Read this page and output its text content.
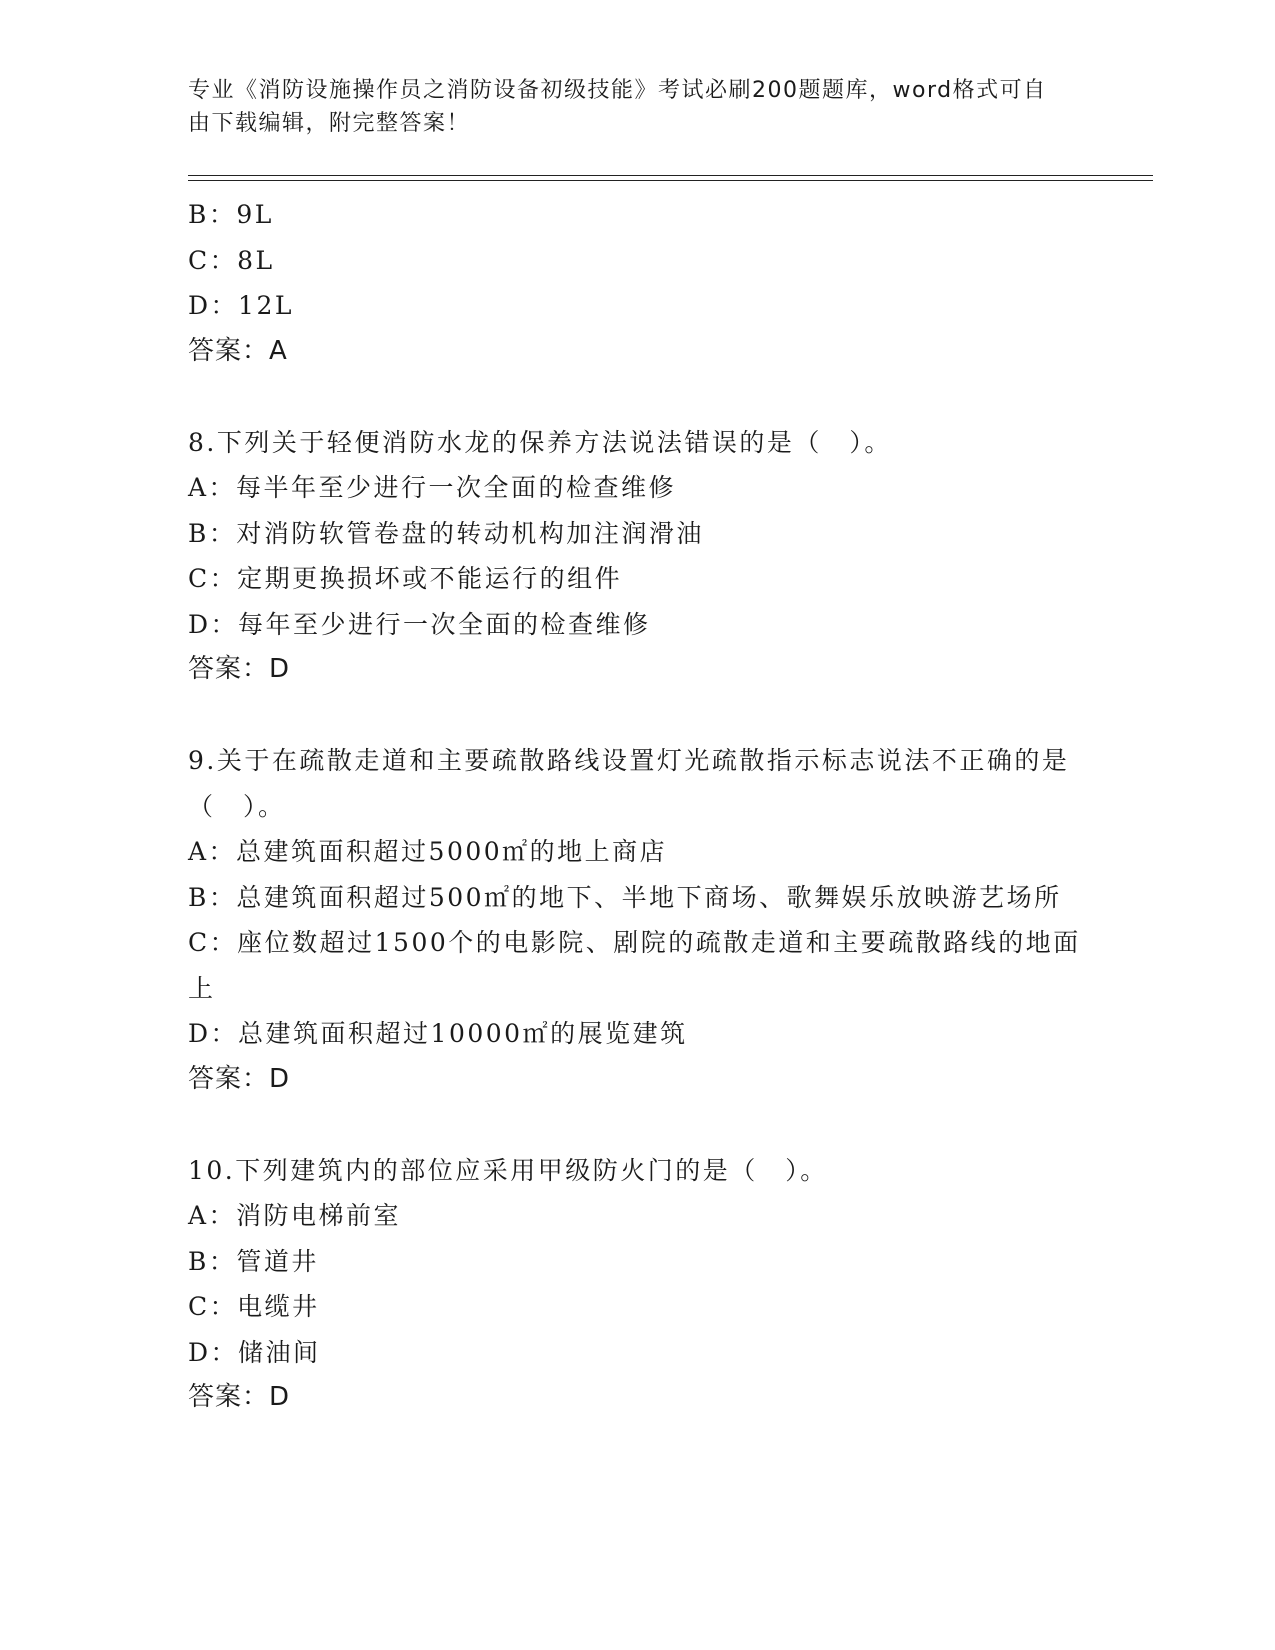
专业《消防设施操作员之消防设备初级技能》考试必刷200题题库，word格式可自由下载编辑，附完整答案！
B：9L
C：8L
D：12L
答案：A
8.下列关于轻便消防水龙的保养方法说法错误的是（　）。
A：每半年至少进行一次全面的检查维修
B：对消防软管卷盘的转动机构加注润滑油
C：定期更换损坏或不能运行的组件
D：每年至少进行一次全面的检查维修
答案：D
9.关于在疏散走道和主要疏散路线设置灯光疏散指示标志说法不正确的是（　）。
A：总建筑面积超过5000㎡的地上商店
B：总建筑面积超过500㎡的地下、半地下商场、歌舞娱乐放映游艺场所
C：座位数超过1500个的电影院、剧院的疏散走道和主要疏散路线的地面上
D：总建筑面积超过10000㎡的展览建筑
答案：D
10.下列建筑内的部位应采用甲级防火门的是（　）。
A：消防电梯前室
B：管道井
C：电缆井
D：储油间
答案：D
